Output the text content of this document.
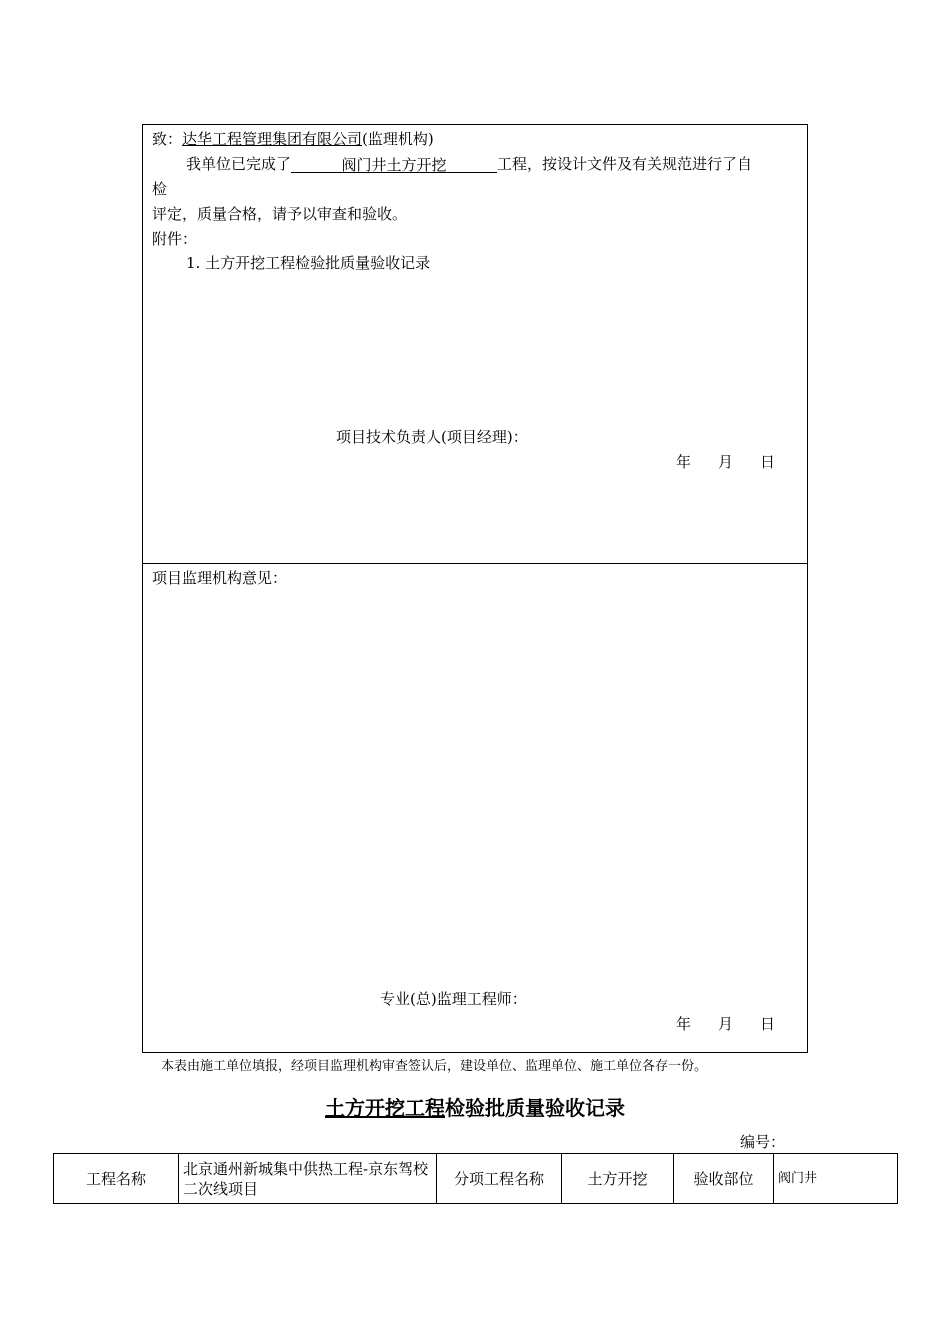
致：达华工程管理集团有限公司(监理机构)
我单位已完成了	阀门井土方开挖	工程，按设计文件及有关规范进行了自
检
评定，质量合格，请予以审查和验收。
附件：
1. 土方开挖工程检验批质量验收记录
项目技术负责人(项目经理)：
年 月 日
项目监理机构意见：
专业(总)监理工程师：
年 月 日
本表由施工单位填报，经项目监理机构审查签认后，建设单位、监理单位、施工单位各存一份。
土方开挖工程检验批质量验收记录
编号：
工程名称	北京通州新城集中供热工程-京东驾校二次线项目	分项工程名称	土方开挖	验收部位	阀门井
